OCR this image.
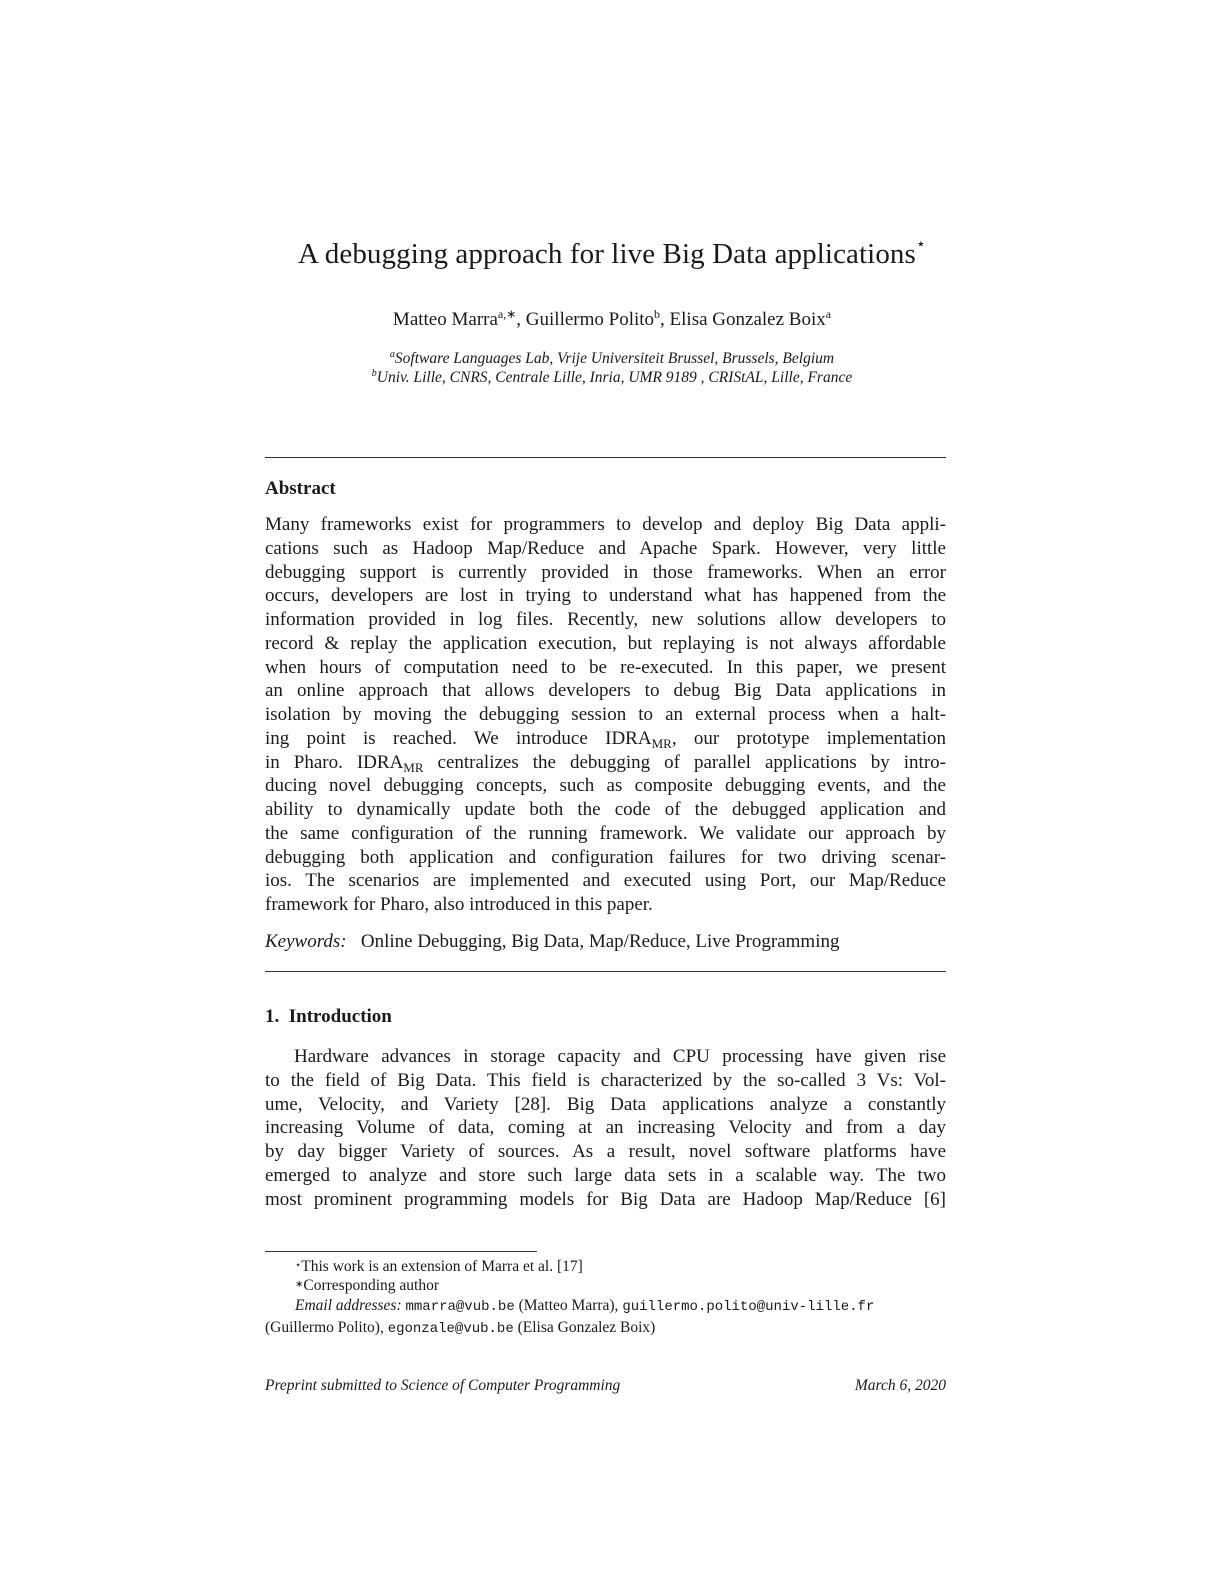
A debugging approach for live Big Data applications⋆
Matteo Marra$^{a,∗}$, Guillermo Polito$^b$, Elisa Gonzalez Boix$^a$
$^a$Software Languages Lab, Vrije Universiteit Brussel, Brussels, Belgium
$^b$Univ. Lille, CNRS, Centrale Lille, Inria, UMR 9189 , CRIStAL, Lille, France
Abstract
Many frameworks exist for programmers to develop and deploy Big Data appli-
cations such as Hadoop Map/Reduce and Apache Spark. However, very little
debugging support is currently provided in those frameworks. When an error
occurs, developers are lost in trying to understand what has happened from the
information provided in log files. Recently, new solutions allow developers to
record & replay the application execution, but replaying is not always affordable
when hours of computation need to be re-executed. In this paper, we present
an online approach that allows developers to debug Big Data applications in
isolation by moving the debugging session to an external process when a halt-
ing point is reached. We introduce $IDRA_{MR}$, our prototype implementation
in Pharo. $IDRA_{MR}$ centralizes the debugging of parallel applications by intro-
ducing novel debugging concepts, such as composite debugging events, and the
ability to dynamically update both the code of the debugged application and
the same configuration of the running framework. We validate our approach by
debugging both application and configuration failures for two driving scenar-
ios. The scenarios are implemented and executed using Port, our Map/Reduce
framework for Pharo, also introduced in this paper.
Keywords: Online Debugging, Big Data, Map/Reduce, Live Programming
1.  Introduction
Hardware advances in storage capacity and CPU processing have given rise
to the field of Big Data. This field is characterized by the so-called 3 Vs: Vol-
ume, Velocity, and Variety [28]. Big Data applications analyze a constantly
increasing Volume of data, coming at an increasing Velocity and from a day
by day bigger Variety of sources. As a result, novel software platforms have
emerged to analyze and store such large data sets in a scalable way. The two
most prominent programming models for Big Data are Hadoop Map/Reduce [6]
⋆This work is an extension of Marra et al. [17]
∗Corresponding author
Email addresses: mmarra@vub.be (Matteo Marra), guillermo.polito@univ-lille.fr
(Guillermo Polito), egonzale@vub.be (Elisa Gonzalez Boix)
Preprint submitted to Science of Computer Programming	March 6, 2020
